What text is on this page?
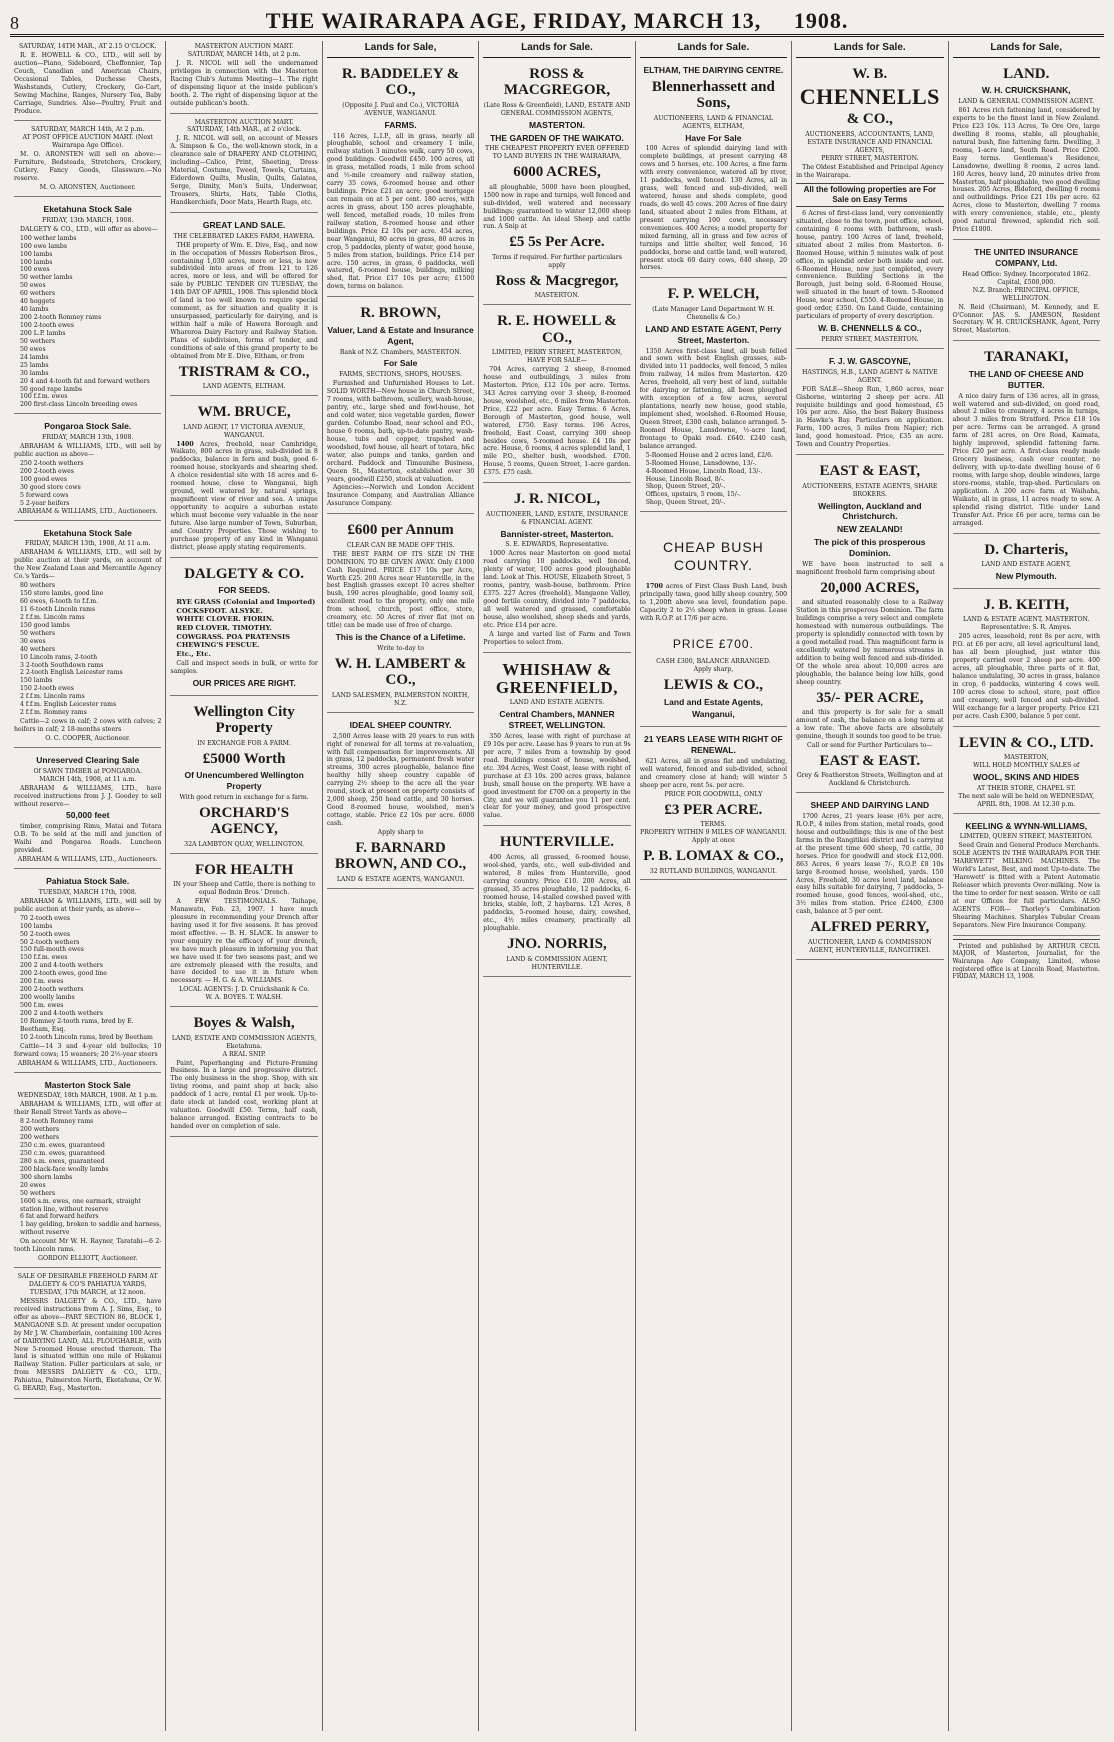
8	THE WAIRARAPA AGE, FRIDAY, MARCH 13, 1908.
SATURDAY, 14TH MAR., AT 2.15 O'CLOCK.

R. E. HOWELL & CO., LTD., will sell by auction—Piano, Sideboard, Cheffonnier, Tap Couch, Canadian and American Chairs, Occasional Tables, Duchesse Chests, Washstands, Cutlery, Crockery, Go-Cart, Sewing Machine, Ranges, Nursery Tea, Baby Carriage, Sundries. Also—Poultry, Fruit and Produce.

SATURDAY, MARCH 14th, At 2 p.m.
AT POST OFFICE AUCTION MART. (Next Wairarapa Age Office).

M. O. ARONSTEN will sell on above:—Furniture, Bedsteads, Stretchers, Crockery, Cutlery, Fancy Goods, Glassware.—No reserve.

M. O. ARONSTEN, Auctioneer.
Eketahuna Stock Sale
FRIDAY, 13th MARCH, 1908.

DALGETY & CO., LTD., will offer as above—

100 wether lambs
100 ewe lambs
100 lambs
100 lambs
100 ewes
50 wether lambs
50 ewes
60 wethers
40 hoggets
40 lambs
200 2-tooth Romney rams
100 2-tooth ewes
200 L.P. lambs
50 wethers
50 ewes
24 lambs
25 lambs
30 lambs
20 4 and 4-tooth fat and forward wethers
50 good rape lambs
100 f.f.m. ewes
200 first-class Lincoln breeding ewes
Pongaroa Stock Sale.
FRIDAY, MARCH 13th, 1908.

ABRAHAM & WILLIAMS, LTD., will sell by public auction as above—

250 2-tooth wethers
200 2-tooth ewes
100 good ewes
30 good store cows
5 forward cows
5 2-year heifers
ABRAHAM & WILLIAMS, LTD., Auctioneers.
Eketahuna Stock Sale
FRIDAY, MARCH 13th, 1908, At 11 a.m.

ABRAHAM & WILLIAMS, LTD., will sell by public auction at their yards, on account of the New Zealand Loan and Mercantile Agency Co.'s Yards—

80 wethers
150 store lambs, good line
60 ewes, 6-tooth to f.f.m.
11 6-tooth Lincoln rams
2 f.f.m. Lincoln rams
150 good lambs
50 wethers
30 ewes
40 wethers
10 Lincoln rams, 2-tooth
3 2-tooth Southdown rams
2 2-tooth English Leicester rams
150 lambs
150 2-tooth ewes
2 f.f.m. Lincoln rams
4 f.f.m. English Leicester rams
2 f.f.m. Romney rams

Cattle—2 cows in calf; 2 cows with calves; 2 heifers in calf; 2 18-months steers

O. C. COOPER, Auctioneer.
Unreserved Clearing Sale
Of SAWN TIMBER at PONGAROA.
MARCH 14th, 1908, at 11 a.m.

ABRAHAM & WILLIAMS, LTD., have received instructions from J. J. Goodey to sell without reserve—

50,000 feet

timber, comprising Rimu, Matai and Totara O.B. To be sold at the mill and junction of Waihi and Pongaroa Roads. Luncheon provided.

ABRAHAM & WILLIAMS, LTD., Auctioneers.
Pahiatua Stock Sale.
TUESDAY, MARCH 17th, 1908.

ABRAHAM & WILLIAMS, LTD., will sell by public auction at their yards, as above—

70 2-tooth ewes
100 lambs
50 2-tooth ewes
50 2-tooth wethers
150 full-mouth ewes
150 f.f.m. ewes
200 2 and 4-tooth wethers
200 2-tooth ewes, good line
200 f.m. ewes
200 2-tooth wethers
200 woolly lambs
500 f.m. ewes
200 2 and 4-tooth wethers
10 Romney 2-tooth rams, bred by E. Beetham, Esq.
10 2-tooth Lincoln rams, bred by Beetham

Cattle—14 3 and 4-year old bullocks; 10 forward cows; 15 weaners; 20 2½-year steers

ABRAHAM & WILLIAMS, LTD., Auctioneers.
Masterton Stock Sale
WEDNESDAY, 18th MARCH, 1908. At 1 p.m.

ABRAHAM & WILLIAMS, LTD., will offer at their Renall Street Yards as above—

8 2-tooth Romney rams
200 wethers
200 wethers
250 c.m. ewes, guaranteed
250 c.m. ewes, guaranteed
280 s.m. ewes, guaranteed
200 black-face woolly lambs
300 shorn lambs
20 ewes
50 wethers
1600 s.m. ewes, one earmark, straight station line, without reserve
6 fat and forward heifers
1 bay gelding, broken to saddle and harness, without reserve

On account Mr W. H. Rayner, Taratahi—6 2-tooth Lincoln rams.

GORDON ELLIOTT, Auctioneer.
SALE OF DESIRABLE FREEHOLD FARM AT DALGETY & CO'S PAHIATUA YARDS,
TUESDAY, 17th MARCH, at 12 noon.

MESSRS DALGETY & CO., LTD., have received instructions from A. J. Sims, Esq., to offer as above—PART SECTION 86, BLOCK 1, MANGAONE S.D. At present under occupation by Mr J. W. Chamberlain, containing 100 Acres of DAIRYING LAND, ALL PLOUGHABLE, with New 5-roomed House erected thereon. The land is situated within one mile of Hukanui Railway Station. Fuller particulars at sale, or from MESSRS DALGETY & CO., LTD., Pahiatua, Palmerston North, Eketahuna, Or W. G. BEARD, Esq., Masterton.

MASTERTON AUCTION MART.
SATURDAY, MARCH 14th, at 2 p.m.

J. R. NICOL will sell the undernamed privileges in connection with the Masterton Racing Club's Autumn Meeting—1. The right of dispensing liquor at the inside publican's booth. 2. The right of dispensing liquor at the outside publican's booth.

MASTERTON AUCTION MART.
SATURDAY, 14th MAR., at 2 o'clock.

J. R. NICOL will sell, on account of Messrs A. Simpson & Co., the well-known stock, in a clearance sale of DRAPERY AND CLOTHING, including—Calico, Print, Sheeting, Dress Material, Costume, Tweed, Towels, Curtains, Eiderdown Quilts, Muslin, Quilts, Galatea, Serge, Dimity, Men's Suits, Underwear, Trousers, Shirts, Hats, Table Cloths, Handkerchiefs, Door Mats, Hearth Rugs, etc.

GREAT LAND SALE.
THE CELEBRATED LAKES FARM, HAWERA.

THE property of Wm. E. Dive, Esq., and now in the occupation of Messrs Robertson Bros., containing 1,030 acres, more or less, is now subdivided into areas of from 121 to 126 acres, more or less, and will be offered for sale by PUBLIC TENDER ON TUESDAY, the 14th DAY OF APRIL, 1908. This splendid block of land is too well known to require special comment, as for situation and quality it is unsurpassed, particularly for dairying, and is within half a mile of Hawera Borough and Whareroa Dairy Factory and Railway Station. Plans of subdivision, forms of tender, and conditions of sale of this grand property to be obtained from Mr E. Dive, Eltham, or from

TRISTRAM & CO.,
LAND AGENTS, ELTHAM.
WM. BRUCE,
LAND AGENT, 17 VICTORIA AVENUE, WANGANUI.

1400 Acres, freehold, near Cambridge, Waikato, 800 acres in grass, sub-divided in 8 paddocks, balance in fern and bush, good 6-roomed house, stockyards and shearing shed. A choice residential site with 18 acres and 6-roomed house, close to Wanganui, high ground, well watered by natural springs, magnificent view of river and sea. A unique opportunity to acquire a suburban estate which must become very valuable in the near future. Also large number of Town, Suburban, and Country Properties. Those wishing to purchase property of any kind in Wanganui district, please apply stating requirements.

DALGETY & CO.
FOR SEEDS.
RYE GRASS (Colonial and Imported)
COCKSFOOT. ALSYKE.
WHITE CLOVER. FIORIN.
RED CLOVER. TIMOTHY.
COWGRASS. POA PRATENSIS
CHEWING'S FESCUE.
Etc., Etc.

Call and inspect seeds in bulk, or write for samples.

OUR PRICES ARE RIGHT.
Wellington City Property
IN EXCHANGE FOR A FARM.
£5000 Worth
Of Unencumbered Wellington Property
With good return in exchange for a farm.
ORCHARD'S AGENCY,
32A LAMBTON QUAY, WELLINGTON.
FOR HEALTH
IN your Sheep and Cattle, there is nothing to equal Bodmin Bros.' Drench.

A FEW TESTIMONIALS. Taihape, Manawatu, Feb. 23, 1907. I have much pleasure in recommending your Drench after having used it for five seasons. It has proved most effective. — B. H. SLACK. In answer to your enquiry re the efficacy of your drench, we have much pleasure in informing you that we have used it for two seasons past, and we are extremely pleased with the results, and have decided to use it in future when necessary. — H. G. & A. WILLIAMS.

LOCAL AGENTS: J. D. Cruickshank & Co.
W. A. BOYES. T. WALSH.
Boyes & Walsh,
LAND, ESTATE AND COMMISSION AGENTS, Eketahuna.
A REAL SNIP.

Paint, Paperhanging and Picture-Framing Business. In a large and progressive district. The only business in the shop. Shop, with six living rooms, and paint shop at back; also paddock of 1 acre, rental £1 per week. Up-to-date stock at landed cost, working plant at valuation. Goodwill £50. Terms, half cash, balance arranged. Existing contracts to be handed over on completion of sale.

Lands for Sale,
R. BADDELEY & CO.,
(Opposite J. Paul and Co.), VICTORIA AVENUE, WANGANUI.
FARMS.

116 Acres, L.I.P., all in grass, nearly all ploughable, school and creamery 1 mile, railway station 3 minutes walk, carry 50 cows, good buildings. Goodwill £450. 100 acres, all in grass, metalled roads, 1 mile from school and ½-mile creamery and railway station, carry 35 cows, 6-roomed house and other buildings. Price £21 an acre; good mortgage can remain on at 5 per cent. 180 acres, with acres in grass, about 150 acres ploughable, well fenced, metalled roads, 10 miles from railway station, 8-roomed house and other buildings. Price £2 10s per acre. 454 acres, near Wanganui, 80 acres in grass, 80 acres in crop, 5 paddocks, plenty of water, good house, 5 miles from station, buildings. Price £14 per acre. 150 acres, in grass, 6 paddocks, well watered, 6-roomed house, buildings, milking shed, flat. Price £17 10s per acre; £1500 down, terms on balance.

R. BROWN,
Valuer, Land & Estate and Insurance Agent,
Bank of N.Z. Chambers, MASTERTON.
For Sale
FARMS, SECTIONS, SHOPS, HOUSES.

Furnished and Unfurnished Houses to Let. SOLID WORTH—New house in Church Street, 7 rooms, with bathroom, scullery, wash-house, pantry, etc., large shed and fowl-house, hot and cold water, nice vegetable garden, flower garden. Columbo Road, near school and P.O., house 6 rooms, bath, up-to-date pantry, wash-house, tubs and copper, trapshed and woodshed, fowl house, all heart of totara, h&c water, also pumps and tanks, garden and orchard. Paddock and Timaunihe Business, Queen St., Masterton, established over 30 years, goodwill £250, stock at valuation.

Agencies:—Norwich and London Accident Insurance Company, and Australian Alliance Assurance Company.

£600 per Annum
CLEAR CAN BE MADE OFF THIS.

THE BEST FARM OF ITS SIZE IN THE DOMINION. TO BE GIVEN AWAY. Only £1000 Cash Required. PRICE £17 10s per Acre, Worth £25. 200 Acres near Hunterville, in the best English grasses except 10 acres shelter bush, 190 acres ploughable, good loamy soil, excellent road to the property, only one mile from school, church, post office, store, creamery, etc. 50 Acres of river flat (not on title) can be made use of free of charge.

This is the Chance of a Lifetime.
Write to-day to
W. H. LAMBERT & CO.,
LAND SALESMEN, PALMERSTON NORTH, N.Z.
IDEAL SHEEP COUNTRY.

2,500 Acres lease with 20 years to run with right of renewal for all terms at re-valuation, with full compensation for improvements. All in grass, 12 paddocks, permanent fresh water streams, 300 acres ploughable, balance fine healthy hilly sheep country capable of carrying 2½ sheep to the acre all the year round, stock at present on property consists of 2,000 sheep, 250 head cattle, and 30 horses. Good 8-roomed house, woolshed, men's cottage, stable. Price £2 10s per acre. 6000 cash.

Apply sharp to
F. BARNARD BROWN, AND CO.,
LAND & ESTATE AGENTS, WANGANUI.
Lands for Sale.
ROSS & MACGREGOR,
(Late Ross & Greenfield), LAND, ESTATE AND GENERAL COMMISSION AGENTS,
MASTERTON.
THE GARDEN OF THE WAIKATO.
THE CHEAPEST PROPERTY EVER OFFERED TO LAND BUYERS IN THE WAIRARAPA,
6000 ACRES,

all ploughable, 5000 have been ploughed, 1500 now in rape and turnips, well fenced and sub-divided, well watered and necessary buildings; guaranteed to winter 12,000 sheep and 1000 cattle. An ideal Sheep and cattle run. A Snip at

£5 5s Per Acre.
Terms if required. For further particulars apply
Ross & Macgregor,
MASTERTON.
R. E. HOWELL & CO.,
LIMITED, PERRY STREET, MASTERTON,
HAVE FOR SALE—

704 Acres, carrying 2 sheep, 8-roomed house and outbuildings, 3 miles from Masterton. Price, £12 10s per acre. Terms. 343 Acres carrying over 3 sheep, 8-roomed house, woolshed, etc., 6 miles from Masterton. Price, £22 per acre. Easy Terms. 6 Acres, Borough of Masterton, good house, well watered, £750. Easy terms. 196 Acres, freehold, East Coast, carrying 300 sheep besides cows, 5-roomed house. £4 10s per acre. House, 6 rooms, 4 acres splendid land, 1 mile P.O., shelter bush, woodshed. £700. House, 5 rooms, Queen Street, 1-acre garden. £375. £75 cash.

J. R. NICOL,
AUCTIONEER, LAND, ESTATE, INSURANCE & FINANCIAL AGENT.
Bannister-street, Masterton.
S. E. EDWARDS, Representative.

1000 Acres near Masterton on good metal road carrying 10 paddocks, well fenced, plenty of water, 100 acres good ploughable land. Look at This. HOUSE, Elizabeth Street, 5 rooms, pantry, wash-house, bathroom. Price £375. 227 Acres (freehold), Mangaone Valley, good fertile country, divided into 7 paddocks, all well watered and grassed, comfortable house, also woolshed, sheep sheds and yards, etc. Price £14 per acre.

A large and varied list of Farm and Town Properties to select from.

WHISHAW & GREENFIELD,
LAND AND ESTATE AGENTS.
Central Chambers, MANNER STREET, WELLINGTON.

350 Acres, lease with right of purchase at £9 10s per acre. Lease has 9 years to run at 9s per acre, 7 miles from a township by good road. Buildings consist of house, woolshed, etc. 394 Acres, West Coast, lease with right of purchase at £3 10s. 200 acres grass, balance bush, small house on the property. WE have a good investment for £700 on a property in the City, and we will guarantee you 11 per cent. clear for your money, and good prospective value.

HUNTERVILLE.

400 Acres, all grassed, 6-roomed house, wool-shed, yards, etc., well sub-divided and watered, 8 miles from Hunterville, good carrying country. Price £10. 200 Acres, all grassed, 35 acres ploughable, 12 paddocks, 6-roomed house, 14-stalled cowshed paved with bricks, stable, loft, 2 haybarns. 121 Acres, 8 paddocks, 5-roomed house, dairy, cowshed, etc., 4½ miles creamery, practically all ploughable.

JNO. NORRIS,
LAND & COMMISSION AGENT, HUNTERVILLE.
Lands for Sale.
ELTHAM, THE DAIRYING CENTRE.
Blennerhassett and Sons,
AUCTIONEERS, LAND & FINANCIAL AGENTS, ELTHAM,
Have For Sale

100 Acres of splendid dairying land with complete buildings, at present carrying 48 cows and 5 horses, etc. 100 Acres, a fine farm with every convenience, watered all by river, 11 paddocks, well fenced. 130 Acres, all in grass, well fenced and sub-divided, well watered, house and sheds complete, good roads, do well 45 cows. 200 Acres of fine dairy land, situated about 2 miles from Eltham, at present carrying 100 cows, necessary conveniences. 400 Acres; a model property for mixed farming, all in grass and few acres of turnips and little shelter, well fenced, 16 paddocks, horse and cattle land, well watered, present stock 60 dairy cows, 640 sheep, 20 horses.

F. P. WELCH,
(Late Manager Land Department W. H. Chennells & Co.)
LAND AND ESTATE AGENT, Perry Street, Masterton.

1350 Acres first-class land, all bush felled and sown with best English grasses, sub-divided into 11 paddocks, well fenced, 5 miles from railway, 14 miles from Masterton. 420 Acres, freehold, all very best of land, suitable for dairying or fattening, all been ploughed with exception of a few acres, several plantations, nearly new house, good stable, implement shed, woolshed. 6-Roomed House, Queen Street, £300 cash, balance arranged. 5-Roomed House, Lansdowne, ½-acre land, frontage to Opaki road. £640. £240 cash, balance arranged.

5-Roomed House and 2 acres land, £2/6.
5-Roomed House, Lansdowne, 13/-.
4-Roomed House, Lincoln Road, 13/-.
House, Lincoln Road, 8/-.
Shop, Queen Street, 20/-.
Offices, upstairs, 5 room, 15/-.
Shop, Queen Street, 20/-.
CHEAP BUSH
COUNTRY.

1700 acres of First Class Bush Land, bush principally tawa, good hilly sheep country, 500 to 1,200ft above sea level, foundation pape. Capacity 2 to 2½ sheep when in grass. Lease with R.O.P. at 17/6 per acre.

PRICE £700.
CASH £300, BALANCE ARRANGED.
Apply sharp,
LEWIS & CO.,
Land and Estate Agents,
Wanganui,
21 YEARS LEASE WITH RIGHT OF RENEWAL.

621 Acres, all in grass flat and undulating, well watered, fenced and sub-divided, school and creamery close at hand; will winter 5 sheep per acre, rent 5s. per acre.

PRICE FOR GOODWILL, ONLY
£3 PER ACRE.
TERMS.
PROPERTY WITHIN 9 MILES OF WANGANUI.
Apply at once
P. B. LOMAX & CO.,
32 RUTLAND BUILDINGS, WANGANUI.
Lands for Sale.
W. B.
CHENNELLS
& CO.,
AUCTIONEERS, ACCOUNTANTS, LAND, ESTATE INSURANCE AND FINANCIAL AGENTS,
PERRY STREET, MASTERTON.

The Oldest Established and Principal Agency in the Wairarapa.

All the following properties are For Sale on Easy Terms

6 Acres of first-class land, very conveniently situated, close to the town, post office, school, containing 6 rooms with bathroom, wash-house, pantry. 100 Acres of land, freehold, situated about 2 miles from Masterton. 6-Roomed House, within 5 minutes walk of post office, in splendid order both inside and out. 6-Roomed House, now just completed, every convenience. Building Sections in the Borough, just being sold. 6-Roomed House, well situated in the heart of town. 5-Roomed House, near school, £550. 4-Roomed House, in good order, £350. On Land Guide, containing particulars of property of every description.

W. B. CHENNELLS & CO.,
PERRY STREET, MASTERTON.
F. J. W. GASCOYNE,
HASTINGS, H.B., LAND AGENT & NATIVE AGENT.

FOR SALE—Sheep Run, 1,860 acres, near Gisborne, wintering 2 sheep per acre. All requisite buildings and good homestead, £5 10s per acre. Also, the best Bakery Business in Hawke's Bay. Particulars on application. Farm, 100 acres, 5 miles from Napier; rich land, good homestead. Price, £35 an acre. Town and Country Properties.

EAST & EAST,
AUCTIONEERS, ESTATE AGENTS, SHARE BROKERS.
Wellington, Auckland and Christchurch.
NEW ZEALAND!
The pick of this prosperous Dominion.

WE have been instructed to sell a magnificent freehold farm comprising about

20,000 ACRES,

and situated reasonably close to a Railway Station in this prosperous Dominion. The farm buildings comprise a very select and complete homestead with numerous outbuildings. The property is splendidly connected with town by a good metalled road. This magnificent farm is excellently watered by numerous streams in addition to being well fenced and sub-divided. Of the whole area about 10,000 acres are ploughable, the balance being low hills, good sheep country.

35/- PER ACRE,

and this property is for sale for a small amount of cash, the balance on a long term at a low rate. The above facts are absolutely genuine, though it sounds too good to be true.

Call or send for Further Particulars to—
EAST & EAST.
Grey & Featherston Streets, Wellington and at Auckland & Christchurch.
SHEEP AND DAIRYING LAND

1700 Acres, 21 years lease (6¾ per acre, R.O.P., 4 miles from station, metal roads, good house and outbuildings; this is one of the best farms in the Rangitikei district and is carrying at the present time 600 sheep, 70 cattle, 30 horses. Price for goodwill and stock £12,000. 863 Acres, 6 years lease 7/-, R.O.P. £8 10s large 8-roomed house, woolshed, yards. 150 Acres, Freehold, 30 acres level land, balance easy hills suitable for dairying, 7 paddocks, 5-roomed house, good fences, wool-shed, etc., 3½ miles from station. Price £2400, £300 cash, balance at 5 per cent.

ALFRED PERRY,
AUCTIONEER, LAND & COMMISSION AGENT, HUNTERVILLE, RANGITIKEI.
Lands for Sale,
LAND.
W. H. CRUICKSHANK,
LAND & GENERAL COMMISSION AGENT.

861 Acres rich fattening land, considered by experts to be the finest land in New Zealand. Price £23 10s. 113 Acres, Te Ore Ore, large dwelling 8 rooms, stable, all ploughable, natural bush, fine fattening farm. Dwelling, 3 rooms, 1-acre land, South Road. Price £200. Easy terms. Gentleman's Residence, Lansdowne, dwelling 8 rooms, 2 acres land. 160 Acres, heavy land, 20 minutes drive from Masterton, half ploughable, two good dwelling houses. 205 Acres, Bideford, dwelling 6 rooms and outbuildings. Price £21 10s per acre. 62 Acres, close to Masterton, dwelling 7 rooms with every convenience, stable, etc., plenty good natural firewood, splendid rich soil. Price £1800.

THE UNITED INSURANCE COMPANY, Ltd.
Head Office: Sydney. Incorporated 1862. Capital, £500,000.
N.Z. Branch: PRINCIPAL OFFICE, WELLINGTON.

N. Reid (Chairman), M. Kennedy, and E. O'Connor. JAS. S. JAMESON, Resident Secretary. W. H. CRUICKSHANK, Agent, Perry Street, Masterton.

TARANAKI,
THE LAND OF CHEESE AND BUTTER.

A nice dairy farm of 136 acres, all in grass, well watered and sub-divided, on good road, about 2 miles to creamery, 4 acres in turnips, about 3 miles from Stratford. Price £18 10s per acre. Terms can be arranged. A grand farm of 281 acres, on Ore Road, Kaimata, highly improved, splendid fattening farm. Price £20 per acre. A first-class ready made Grocery business, cash over counter, no delivery, with up-to-date dwelling house of 6 rooms, with large shop, double windows, large store-rooms, stable, trap-shed. Particulars on application. A 200 acre farm at Waihaha, Waikato, all in grass, 11 acres ready to sow. A splendid rising district. Title under Land Transfer Act. Price £6 per acre, terms can be arranged.

D. Charteris,
LAND AND ESTATE AGENT,
New Plymouth.
J. B. KEITH,
LAND & ESTATE AGENT, MASTERTON.
Representative: S. R. Amyes.

205 acres, leasehold, rent 8s per acre, with P.O. at £6 per acre, all level agricultural land, has all been ploughed, just winter this property carried over 2 sheep per acre. 400 acres, all ploughable, three parts of it flat, balance undulating, 30 acres in grass, balance in crop, 6 paddocks, wintering 4 cows well. 100 acres close to school, store, post office and creamery, well fenced and sub-divided. Will exchange for a larger property. Price £21 per acre. Cash £300, balance 5 per cent.

LEVIN & CO., LTD.
MASTERTON,
WILL HOLD MONTHLY SALES of
WOOL, SKINS AND HIDES
AT THEIR STORE, CHAPEL ST.
The next sale will be held on WEDNESDAY, APRIL 8th, 1908. At 12.30 p.m.
KEELING & WYNN-WILLIAMS,
LIMITED, QUEEN STREET, MASTERTON.

Seed Grain and General Produce Merchants. SOLE AGENTS IN THE WAIRARAPA FOR THE 'HAREWETT' MILKING MACHINES. The World's Latest, Best, and most Up-to-date. The 'Harewett' is fitted with a Patent Automatic Releaser which prevents Over-milking. Now is the time to order for next season. Write or call at our Offices for full particulars. ALSO AGENTS FOR— Thorley's Combination Shearing Machines. Sharples Tubular Cream Separators. New Fire Insurance Company.

Printed and published by ARTHUR CECIL MAJOR, of Masterton, Journalist, for the Wairarapa Age Company, Limited, whose registered office is at Lincoln Road, Masterton. FRIDAY, MARCH 13, 1908.
